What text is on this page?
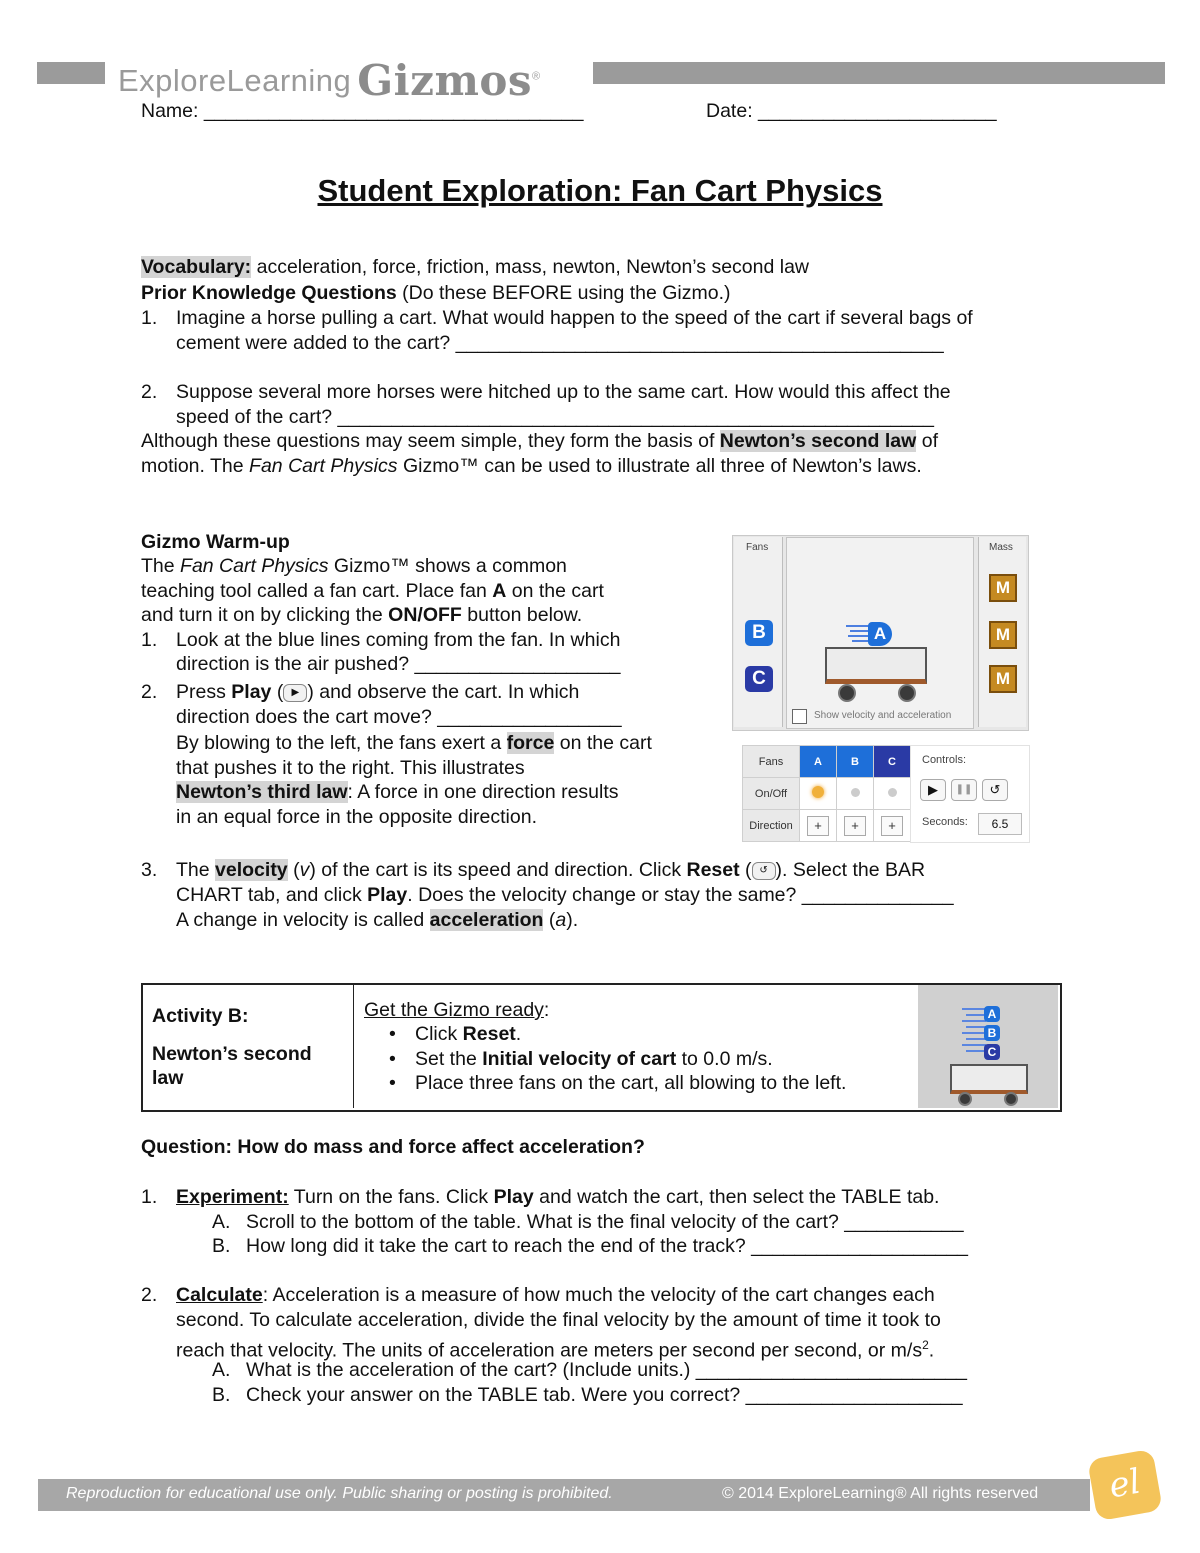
ExploreLearning Gizmos®
Name: ___________________________________	Date: ______________________
Student Exploration: Fan Cart Physics
Vocabulary: acceleration, force, friction, mass, newton, Newton’s second law
Prior Knowledge Questions (Do these BEFORE using the Gizmo.)
1. Imagine a horse pulling a cart. What would happen to the speed of the cart if several bags of
cement were added to the cart? _____________________________________________
2. Suppose several more horses were hitched up to the same cart. How would this affect the
speed of the cart? _______________________________________________________
Although these questions may seem simple, they form the basis of Newton’s second law of
motion. The Fan Cart Physics Gizmo™ can be used to illustrate all three of Newton’s laws.
Gizmo Warm-up
The Fan Cart Physics Gizmo™ shows a common
teaching tool called a fan cart. Place fan A on the cart
and turn it on by clicking the ON/OFF button below.
1. Look at the blue lines coming from the fan. In which
direction is the air pushed? ___________________
2. Press Play ( ▶ ) and observe the cart. In which
direction does the cart move? _________________
By blowing to the left, the fans exert a force on the cart
that pushes it to the right. This illustrates
Newton’s third law: A force in one direction results
in an equal force in the opposite direction.
Fans
B
C
A
Show velocity and acceleration
Mass
M
M
M
Fans	A	B	C
On/Off			
Direction	+	+	+
Controls:
▶	❚❚	↺
Seconds:	6.5
3. The velocity (v) of the cart is its speed and direction. Click Reset ( ↺ ). Select the BAR
CHART tab, and click Play. Does the velocity change or stay the same? ______________
A change in velocity is called acceleration (a).
Activity B:
Newton’s second
law
Get the Gizmo ready:
• Click Reset.
• Set the Initial velocity of cart to 0.0 m/s.
• Place three fans on the cart, all blowing to the left.
A
B
C
Question: How do mass and force affect acceleration?
1. Experiment: Turn on the fans. Click Play and watch the cart, then select the TABLE tab.
A. Scroll to the bottom of the table. What is the final velocity of the cart? ___________
B. How long did it take the cart to reach the end of the track? ____________________
2. Calculate: Acceleration is a measure of how much the velocity of the cart changes each
second. To calculate acceleration, divide the final velocity by the amount of time it took to
reach that velocity. The units of acceleration are meters per second per second, or $m/s^2$.
A. What is the acceleration of the cart? (Include units.) _________________________
B. Check your answer on the TABLE tab. Were you correct? ____________________
Reproduction for educational use only. Public sharing or posting is prohibited.	© 2014 ExploreLearning® All rights reserved	el
